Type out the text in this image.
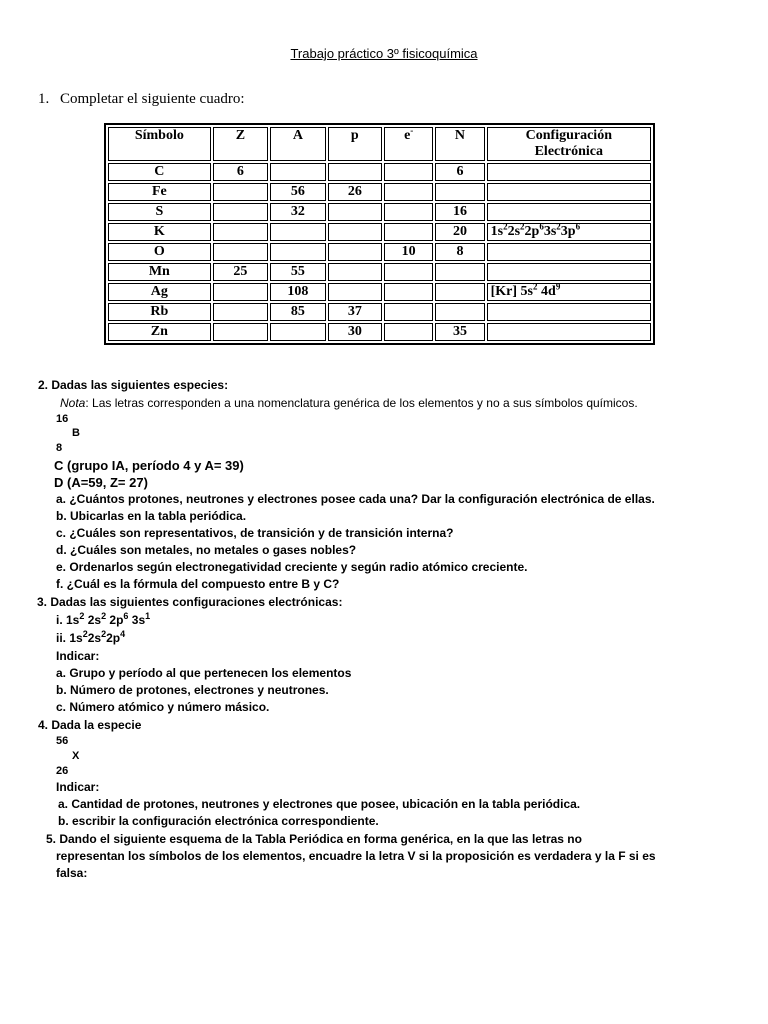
Trabajo práctico 3º fisicoquímica
1. Completar el siguiente cuadro:
Símbolo	Z	A	p	e-	N	Configuración
Electrónica
C	6				6	
Fe		56	26			
S		32			16	
K					20	$1s^22s^22p^63s^23p^6$
O				10	8	
Mn	25	55				
Ag		108				[Kr] $5s^2$ $4d^9$
Rb		85	37			
Zn			30		35	
2. Dadas las siguientes especies:
Nota: Las letras corresponden a una nomenclatura genérica de los elementos y no a sus símbolos químicos.
16
B
8
C (grupo IA, período 4 y A= 39)
D (A=59, Z= 27)
a. ¿Cuántos protones, neutrones y electrones posee cada una? Dar la configuración electrónica de ellas.
b. Ubicarlas en la tabla periódica.
c. ¿Cuáles son representativos, de transición y de transición interna?
d. ¿Cuáles son metales, no metales o gases nobles?
e. Ordenarlos según electronegatividad creciente y según radio atómico creciente.
f. ¿Cuál es la fórmula del compuesto entre B y C?
3. Dadas las siguientes configuraciones electrónicas:
i. $1s^2$ $2s^2$ $2p^6$ $3s^1$
ii. $1s^22s^22p^4$
Indicar:
a. Grupo y período al que pertenecen los elementos
b. Número de protones, electrones y neutrones.
c. Número atómico y número másico.
4. Dada la especie
56
X
26
Indicar:
a. Cantidad de protones, neutrones y electrones que posee, ubicación en la tabla periódica.
b. escribir la configuración electrónica correspondiente.
5. Dando el siguiente esquema de la Tabla Periódica en forma genérica, en la que las letras no
representan los símbolos de los elementos, encuadre la letra V si la proposición es verdadera y la F si es
falsa:
